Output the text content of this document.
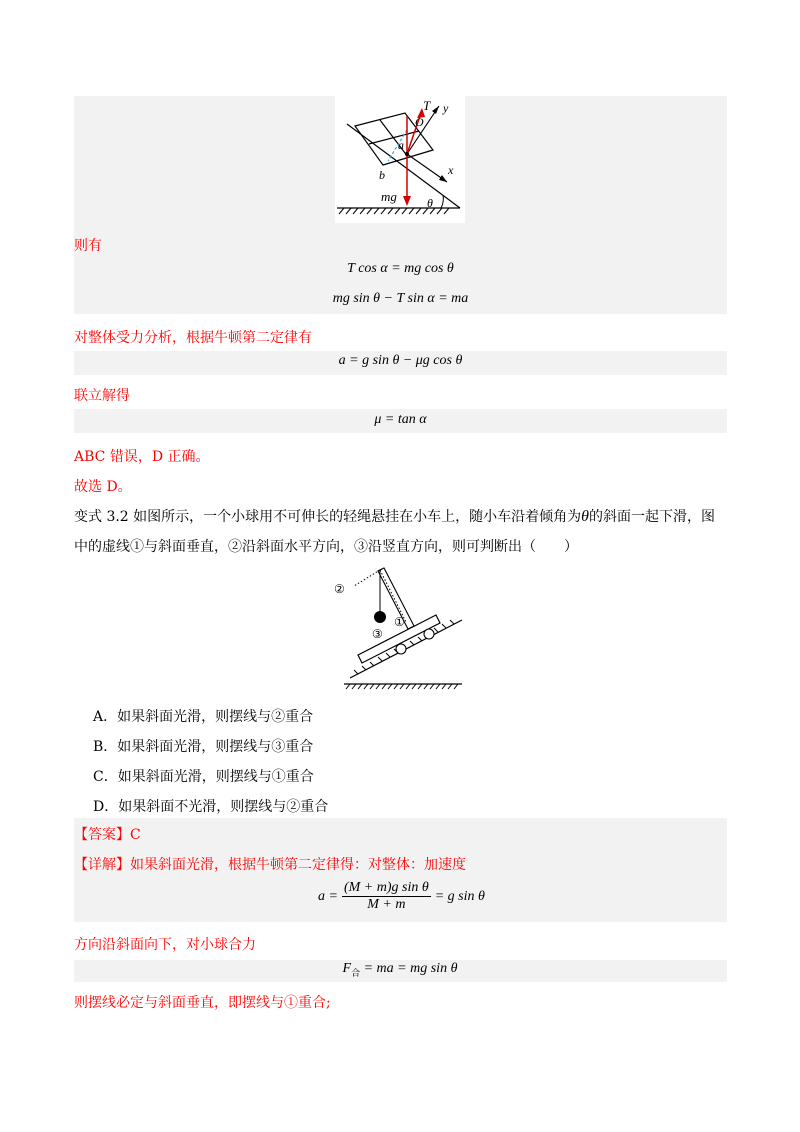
T y
O
a
x
b
mg	θ
则有
T cos α = mg cos θ
mg sin θ − T sin α = ma
对整体受力分析，根据牛顿第二定律有
a = g sin θ − μg cos θ
联立解得
μ = tan α
ABC 错误，D 正确。
故选 D。
变式 3.2 如图所示，一个小球用不可伸长的轻绳悬挂在小车上，随小车沿着倾角为θ的斜面一起下滑，图
中的虚线①与斜面垂直，②沿斜面水平方向，③沿竖直方向，则可判断出（　　）
②
③
①
A．如果斜面光滑，则摆线与②重合
B．如果斜面光滑，则摆线与③重合
C．如果斜面光滑，则摆线与①重合
D．如果斜面不光滑，则摆线与②重合
【答案】C
【详解】如果斜面光滑，根据牛顿第二定律得：对整体：加速度
$a = \frac{\text{(M + m)g sin θ}}{M + m} = g$ sin θ
方向沿斜面向下，对小球合力
$F_合$ = ma = mg sin θ
则摆线必定与斜面垂直，即摆线与①重合;
